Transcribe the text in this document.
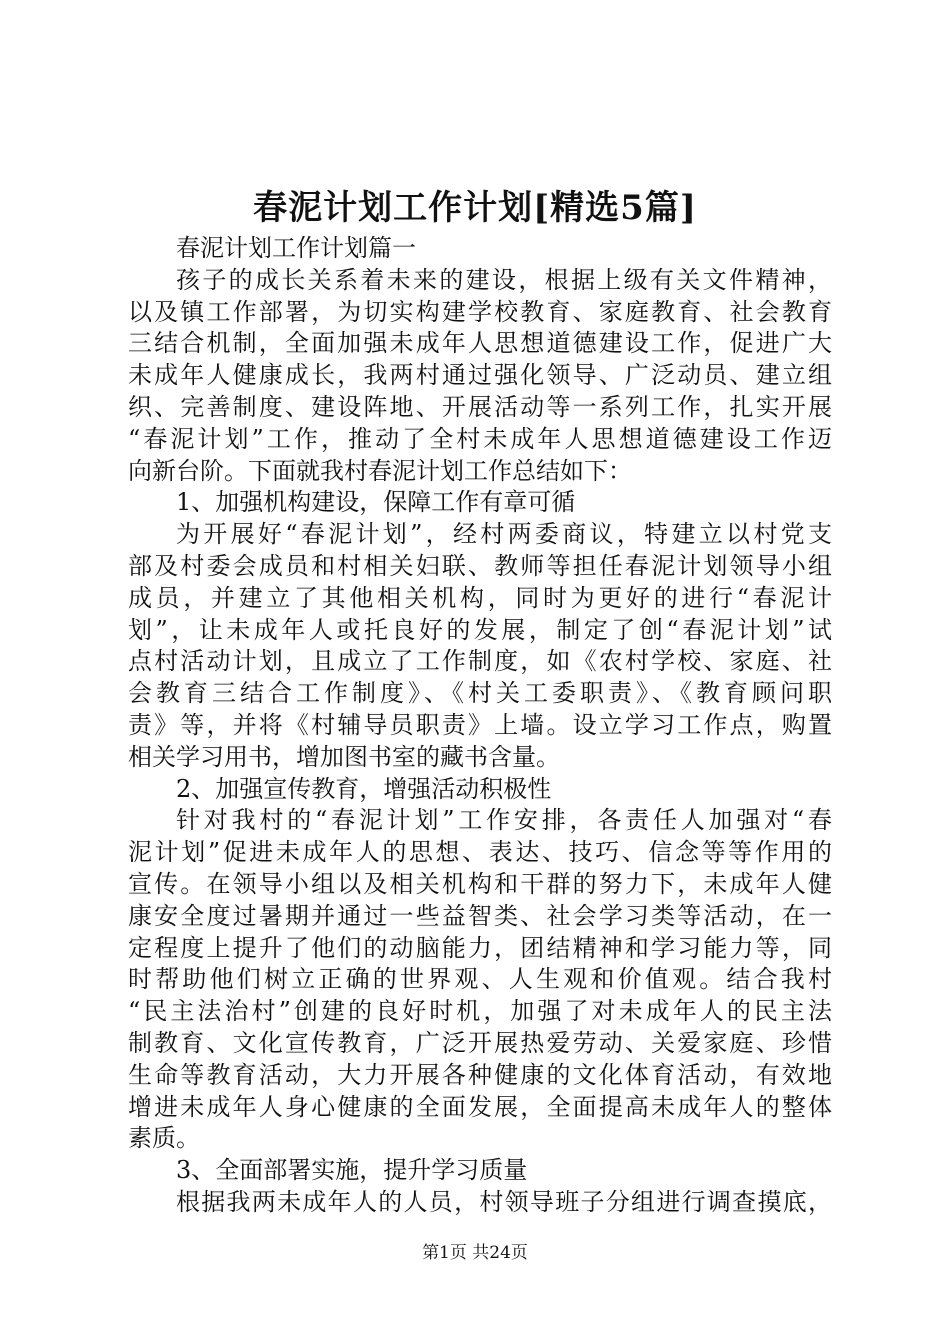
春泥计划工作计划[精选5篇]
春泥计划工作计划篇一
孩子的成长关系着未来的建设，根据上级有关文件精神，
以及镇工作部署，为切实构建学校教育、家庭教育、社会教育
三结合机制，全面加强未成年人思想道德建设工作，促进广大
未成年人健康成长，我两村通过强化领导、广泛动员、建立组
织、完善制度、建设阵地、开展活动等一系列工作，扎实开展
“春泥计划”工作，推动了全村未成年人思想道德建设工作迈
向新台阶。下面就我村春泥计划工作总结如下：
1、加强机构建设，保障工作有章可循
为开展好“春泥计划”，经村两委商议，特建立以村党支
部及村委会成员和村相关妇联、教师等担任春泥计划领导小组
成员，并建立了其他相关机构，同时为更好的进行“春泥计
划”，让未成年人或托良好的发展，制定了创“春泥计划”试
点村活动计划，且成立了工作制度，如《农村学校、家庭、社
会教育三结合工作制度》、《村关工委职责》、《教育顾问职
责》等，并将《村辅导员职责》上墙。设立学习工作点，购置
相关学习用书，增加图书室的藏书含量。
2、加强宣传教育，增强活动积极性
针对我村的“春泥计划”工作安排，各责任人加强对“春
泥计划”促进未成年人的思想、表达、技巧、信念等等作用的
宣传。在领导小组以及相关机构和干群的努力下，未成年人健
康安全度过暑期并通过一些益智类、社会学习类等活动，在一
定程度上提升了他们的动脑能力，团结精神和学习能力等，同
时帮助他们树立正确的世界观、人生观和价值观。结合我村
“民主法治村”创建的良好时机，加强了对未成年人的民主法
制教育、文化宣传教育，广泛开展热爱劳动、关爱家庭、珍惜
生命等教育活动，大力开展各种健康的文化体育活动，有效地
增进未成年人身心健康的全面发展，全面提高未成年人的整体
素质。
3、全面部署实施，提升学习质量
根据我两未成年人的人员，村领导班子分组进行调查摸底，
第1页 共24页
